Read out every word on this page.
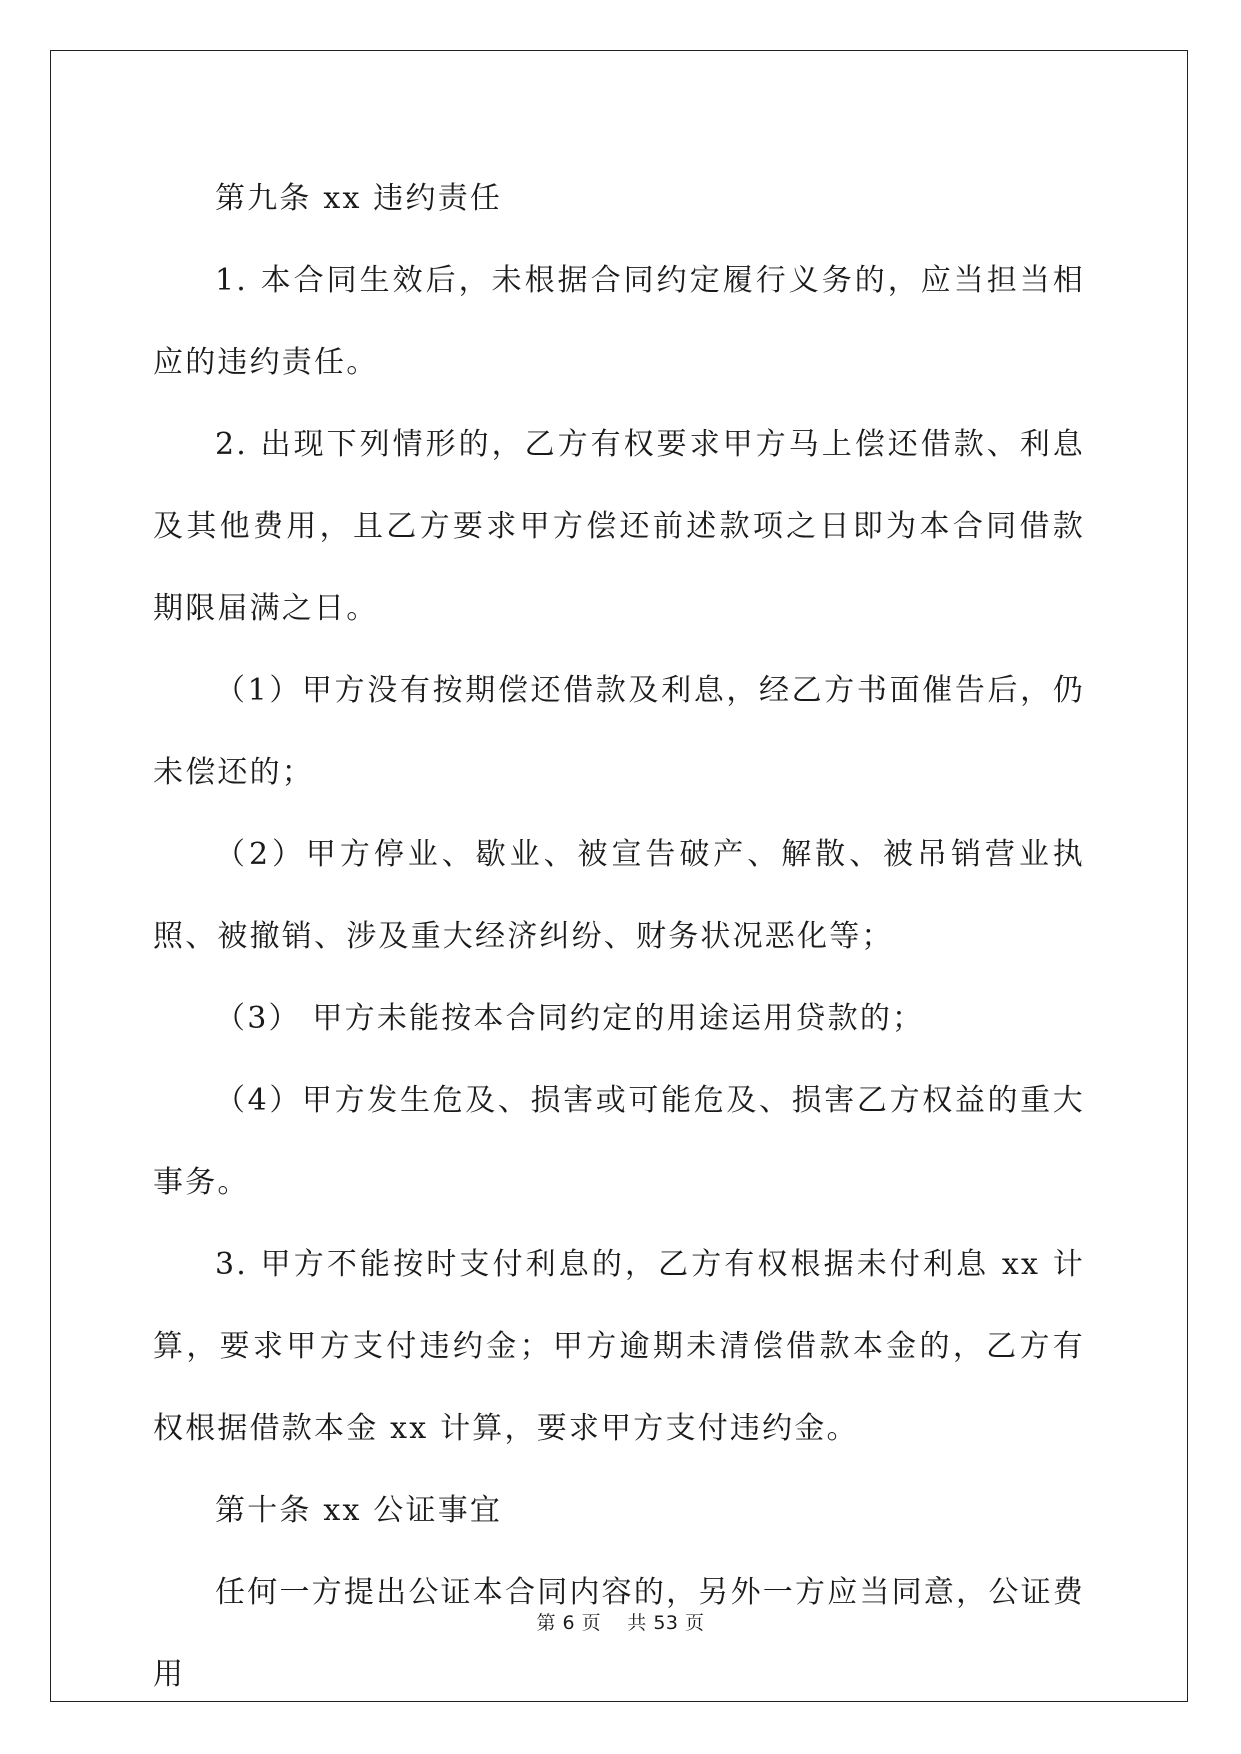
第九条 xx 违约责任

1. 本合同生效后，未根据合同约定履行义务的，应当担当相应的违约责任。

2. 出现下列情形的，乙方有权要求甲方马上偿还借款、利息及其他费用，且乙方要求甲方偿还前述款项之日即为本合同借款期限届满之日。

（1）甲方没有按期偿还借款及利息，经乙方书面催告后，仍未偿还的；

（2）甲方停业、歇业、被宣告破产、解散、被吊销营业执照、被撤销、涉及重大经济纠纷、财务状况恶化等；

（3） 甲方未能按本合同约定的用途运用贷款的；

（4）甲方发生危及、损害或可能危及、损害乙方权益的重大事务。

3. 甲方不能按时支付利息的，乙方有权根据未付利息 xx 计算，要求甲方支付违约金；甲方逾期未清偿借款本金的，乙方有权根据借款本金 xx 计算，要求甲方支付违约金。

第十条 xx 公证事宜

任何一方提出公证本合同内容的，另外一方应当同意，公证费用

第 6 页 共 53 页
